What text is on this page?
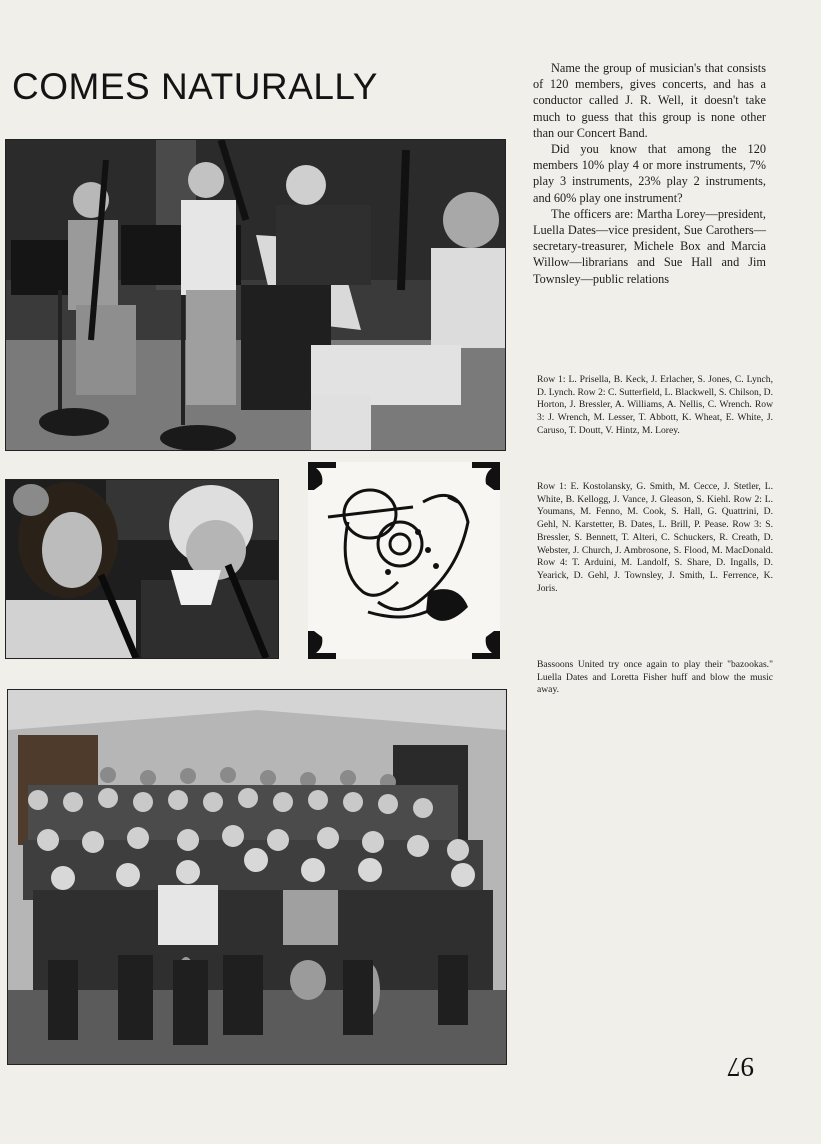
COMES NATURALLY	Name the group of musician's that consists of 120 members, gives concerts, and has a conductor called J. R. Well, it doesn't take much to guess that this group is none other than our Concert Band.

Did you know that among the 120 members 10% play 4 or more instruments, 7% play 3 instruments, 23% play 2 instruments, and 60% play one instrument?

The officers are: Martha Lorey—president, Luella Dates—vice president, Sue Carothers—secretary-treasurer, Michele Box and Marcia Willow—librarians and Sue Hall and Jim Townsley—public relations

Row 1: L. Prisella, B. Keck, J. Erlacher, S. Jones, C. Lynch, D. Lynch. Row 2: C. Sutterfield, L. Blackwell, S. Chilson, D. Horton, J. Bressler, A. Williams, A. Nellis, C. Wrench. Row 3: J. Wrench, M. Lesser, T. Abbott, K. Wheat, E. White, J. Caruso, T. Doutt, V. Hintz, M. Lorey.
Row 1: E. Kostolansky, G. Smith, M. Cecce, J. Stetler, L. White, B. Kellogg, J. Vance, J. Gleason, S. Kiehl. Row 2: L. Youmans, M. Fenno, M. Cook, S. Hall, G. Quattrini, D. Gehl, N. Karstetter, B. Dates, L. Brill, P. Pease. Row 3: S. Bressler, S. Bennett, T. Alteri, C. Schuckers, R. Creath, D. Webster, J. Church, J. Ambrosone, S. Flood, M. MacDonald. Row 4: T. Arduini, M. Landolf, S. Share, D. Ingalls, D. Yearick, D. Gehl, J. Townsley, J. Smith, L. Ferrence, K. Joris.
Bassoons United try once again to play their "bazookas." Luella Dates and Loretta Fisher huff and blow the music away.
97
